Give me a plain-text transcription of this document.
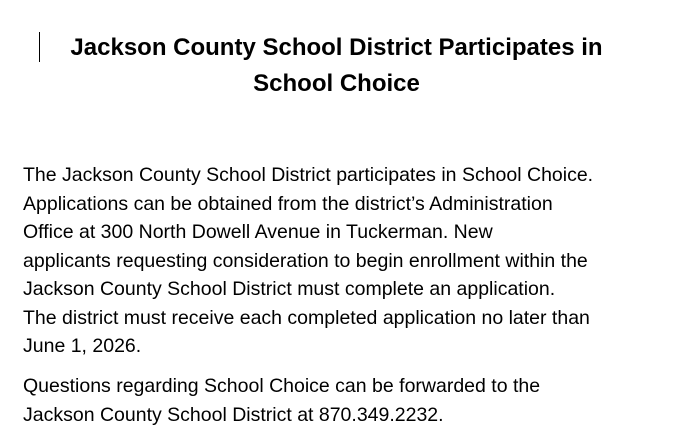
Jackson County School District Participates in
School Choice

The Jackson County School District participates in School Choice.
Applications can be obtained from the district’s Administration
Office at 300 North Dowell Avenue in Tuckerman. New
applicants requesting consideration to begin enrollment within the
Jackson County School District must complete an application.
The district must receive each completed application no later than
June 1, 2026.

Questions regarding School Choice can be forwarded to the
Jackson County School District at 870.349.2232.
